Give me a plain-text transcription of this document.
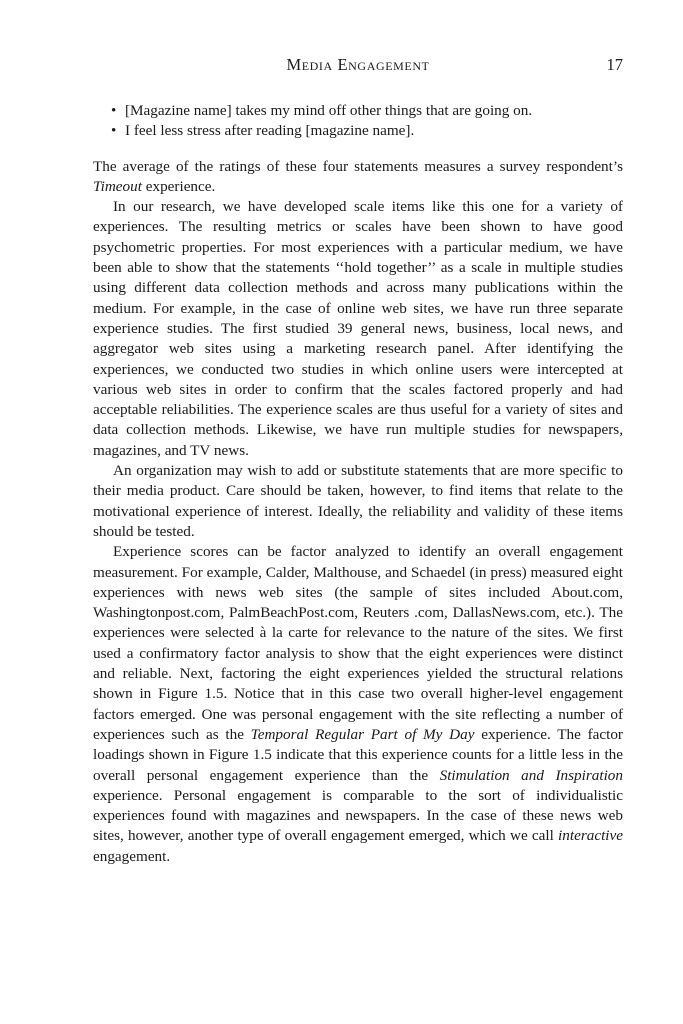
Media Engagement	17
• [Magazine name] takes my mind off other things that are going on.
• I feel less stress after reading [magazine name].

The average of the ratings of these four statements measures a survey respondent’s Timeout experience.

In our research, we have developed scale items like this one for a variety of experiences. The resulting metrics or scales have been shown to have good psychometric properties. For most experiences with a particular medium, we have been able to show that the statements ‘‘hold together’’ as a scale in multiple studies using different data collection methods and across many publications within the medium. For example, in the case of online web sites, we have run three separate experience studies. The first studied 39 general news, business, local news, and aggregator web sites using a marketing research panel. After identifying the experiences, we conducted two studies in which online users were intercepted at various web sites in order to confirm that the scales factored properly and had acceptable reliabilities. The experience scales are thus useful for a variety of sites and data collection methods. Likewise, we have run multiple studies for newspapers, magazines, and TV news.

An organization may wish to add or substitute statements that are more specific to their media product. Care should be taken, however, to find items that relate to the motivational experience of interest. Ideally, the reliability and validity of these items should be tested.

Experience scores can be factor analyzed to identify an overall engagement measurement. For example, Calder, Malthouse, and Schaedel (in press) measured eight experiences with news web sites (the sample of sites included About.com, Washingtonpost.com, PalmBeachPost.com, Reuters .com, DallasNews.com, etc.). The experiences were selected à la carte for relevance to the nature of the sites. We first used a confirmatory factor analysis to show that the eight experiences were distinct and reliable. Next, factoring the eight experiences yielded the structural relations shown in Figure 1.5. Notice that in this case two overall higher-level engagement factors emerged. One was personal engagement with the site reflecting a number of experiences such as the Temporal Regular Part of My Day experience. The factor loadings shown in Figure 1.5 indicate that this experience counts for a little less in the overall personal engagement experience than the Stimulation and Inspiration experience. Personal engagement is comparable to the sort of individualistic experiences found with magazines and newspapers. In the case of these news web sites, however, another type of overall engagement emerged, which we call interactive engagement.
